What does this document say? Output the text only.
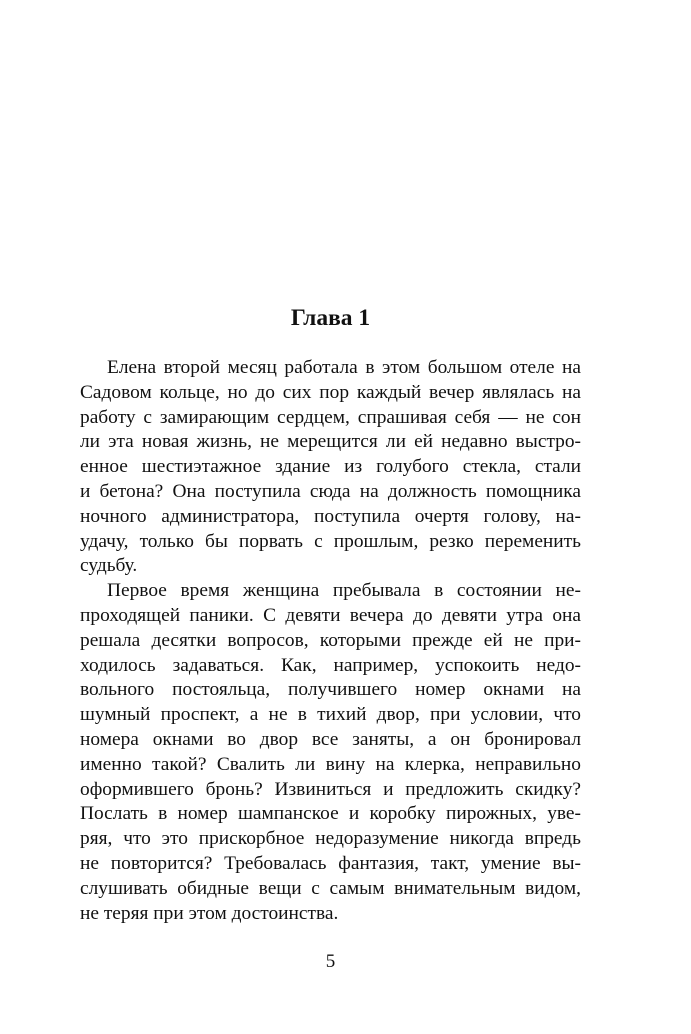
Глава 1
Елена второй месяц работала в этом большом отеле на
Садовом кольце, но до сих пор каждый вечер являлась на
работу с замирающим сердцем, спрашивая себя — не сон
ли эта новая жизнь, не мерещится ли ей недавно выстро-
енное шестиэтажное здание из голубого стекла, стали
и бетона? Она поступила сюда на должность помощника
ночного администратора, поступила очертя голову, на-
удачу, только бы порвать с прошлым, резко переменить
судьбу.
Первое время женщина пребывала в состоянии не-
проходящей паники. С девяти вечера до девяти утра она
решала десятки вопросов, которыми прежде ей не при-
ходилось задаваться. Как, например, успокоить недо-
вольного постояльца, получившего номер окнами на
шумный проспект, а не в тихий двор, при условии, что
номера окнами во двор все заняты, а он бронировал
именно такой? Свалить ли вину на клерка, неправильно
оформившего бронь? Извиниться и предложить скидку?
Послать в номер шампанское и коробку пирожных, уве-
ряя, что это прискорбное недоразумение никогда впредь
не повторится? Требовалась фантазия, такт, умение вы-
слушивать обидные вещи с самым внимательным видом,
не теряя при этом достоинства.
5
